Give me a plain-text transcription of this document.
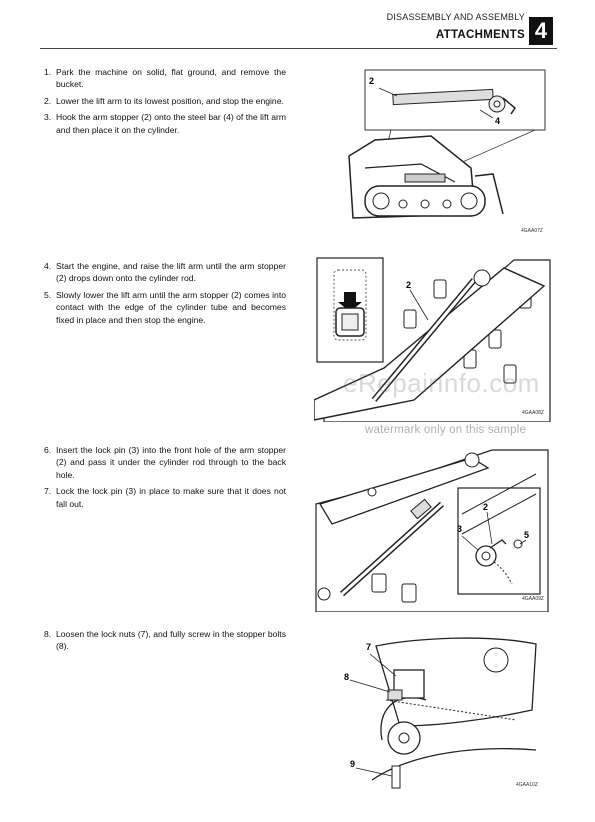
DISASSEMBLY AND ASSEMBLY
ATTACHMENTS 4
1. Park the machine on solid, flat ground, and remove the bucket.
2. Lower the lift arm to its lowest position, and stop the engine.
3. Hook the arm stopper (2) onto the steel bar (4) of the lift arm and then place it on the cylinder.
2
4
4GAA07Z
4. Start the engine, and raise the lift arm until the arm stopper (2) drops down onto the cylinder rod.
5. Slowly lower the lift arm until the arm stopper (2) comes into contact with the edge of the cylinder tube and becomes fixed in place and then stop the engine.
2
4GAA08Z
6. Insert the lock pin (3) into the front hole of the arm stopper (2) and pass it under the cylinder rod through to the back hole.
7. Lock the lock pin (3) in place to make sure that it does not fall out.	2
3
5
4GAA09Z
8. Loosen the lock nuts (7), and fully screw in the stopper bolts (8).	7
8
9
4GAA10Z
eRepairinfo.com
watermark only on this sample
